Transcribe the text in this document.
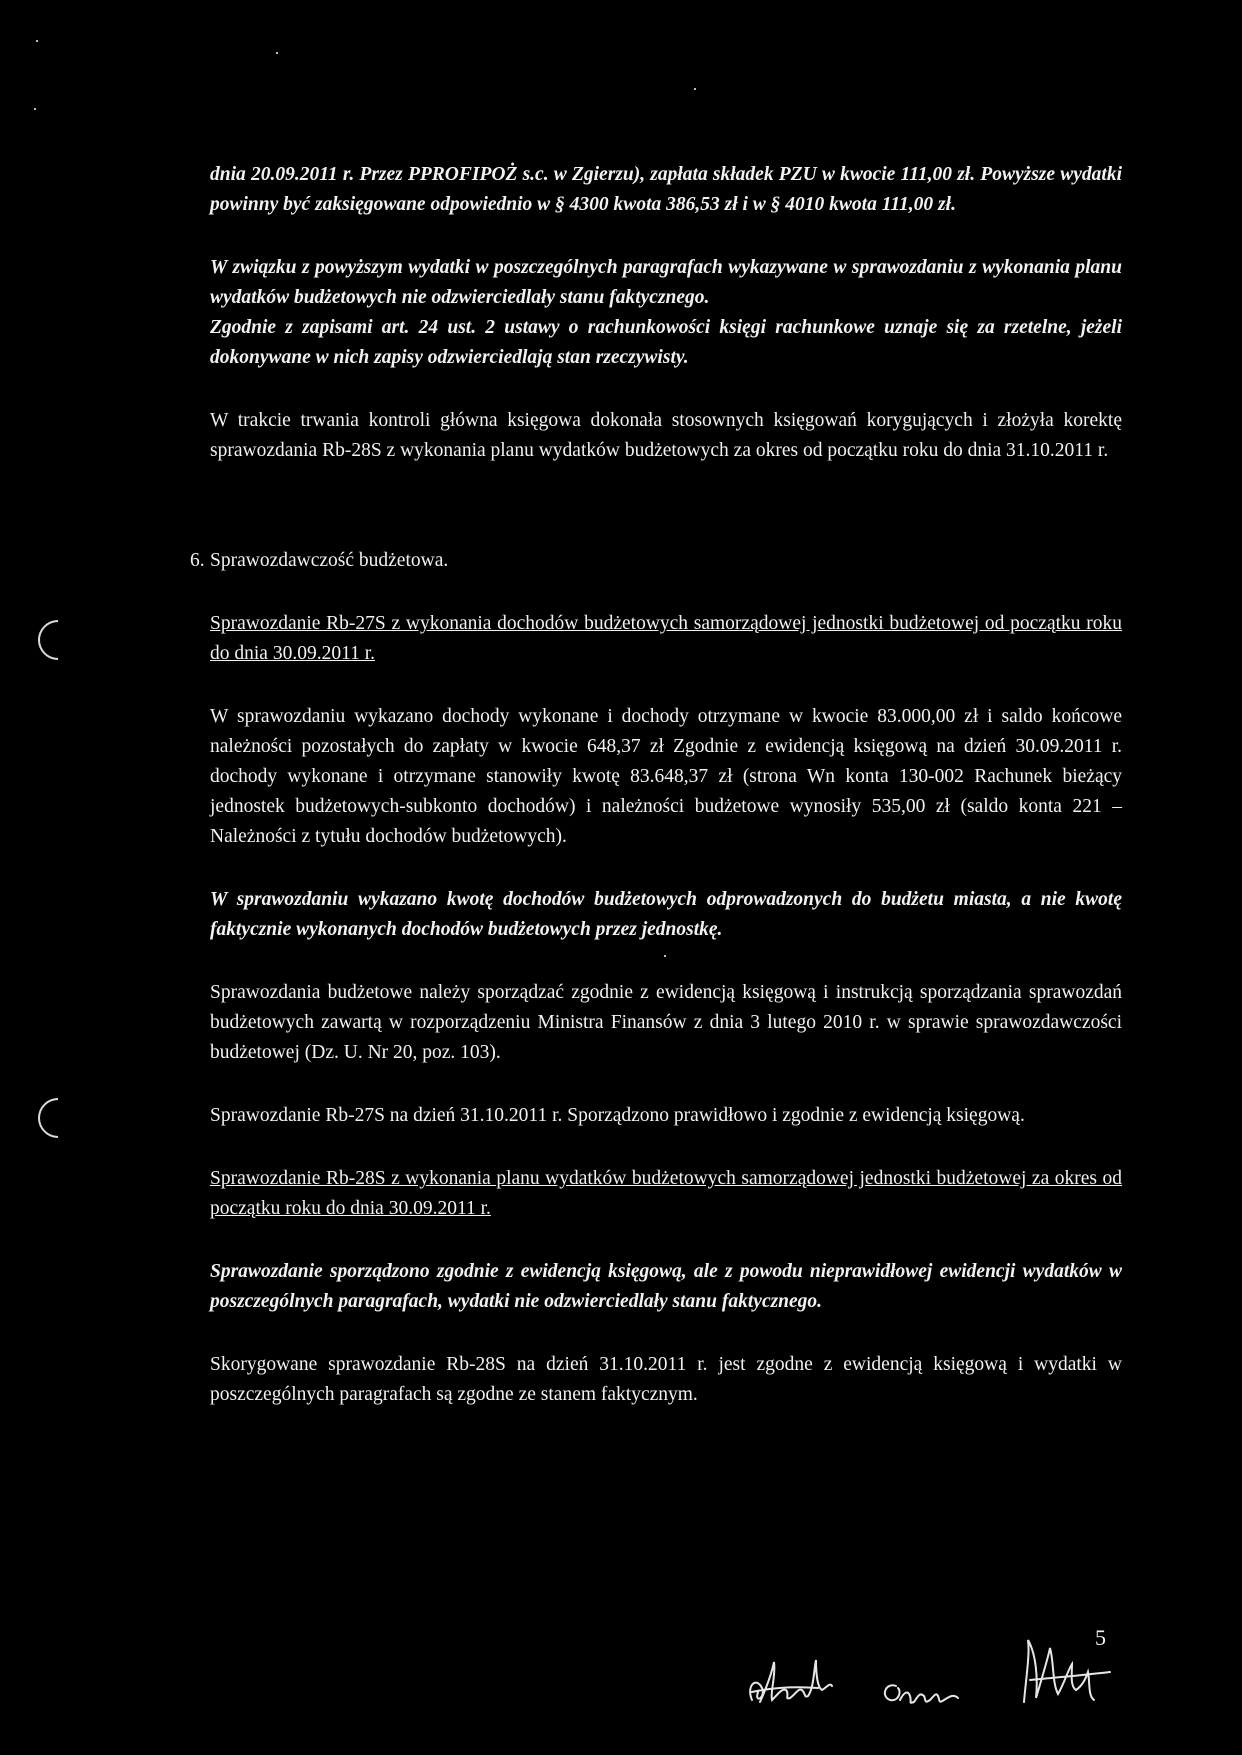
dnia 20.09.2011 r. Przez PPROFIPOŻ s.c. w Zgierzu), zapłata składek PZU w kwocie 111,00 zł. Powyższe wydatki powinny być zaksięgowane odpowiednio w § 4300 kwota 386,53 zł i w § 4010 kwota 111,00 zł.

W związku z powyższym wydatki w poszczególnych paragrafach wykazywane w sprawozdaniu z wykonania planu wydatków budżetowych nie odzwierciedlały stanu faktycznego.

Zgodnie z zapisami art. 24 ust. 2 ustawy o rachunkowości księgi rachunkowe uznaje się za rzetelne, jeżeli dokonywane w nich zapisy odzwierciedlają stan rzeczywisty.

W trakcie trwania kontroli główna księgowa dokonała stosownych księgowań korygujących i złożyła korektę sprawozdania Rb-28S z wykonania planu wydatków budżetowych za okres od początku roku do dnia 31.10.2011 r.

6. Sprawozdawczość budżetowa.

Sprawozdanie Rb-27S z wykonania dochodów budżetowych samorządowej jednostki budżetowej od początku roku do dnia 30.09.2011 r.

W sprawozdaniu wykazano dochody wykonane i dochody otrzymane w kwocie 83.000,00 zł i saldo końcowe należności pozostałych do zapłaty w kwocie 648,37 zł Zgodnie z ewidencją księgową na dzień 30.09.2011 r. dochody wykonane i otrzymane stanowiły kwotę 83.648,37 zł (strona Wn konta 130-002 Rachunek bieżący jednostek budżetowych-subkonto dochodów) i należności budżetowe wynosiły 535,00 zł (saldo konta 221 – Należności z tytułu dochodów budżetowych).

W sprawozdaniu wykazano kwotę dochodów budżetowych odprowadzonych do budżetu miasta, a nie kwotę faktycznie wykonanych dochodów budżetowych przez jednostkę.

Sprawozdania budżetowe należy sporządzać zgodnie z ewidencją księgową i instrukcją sporządzania sprawozdań budżetowych zawartą w rozporządzeniu Ministra Finansów z dnia 3 lutego 2010 r. w sprawie sprawozdawczości budżetowej (Dz. U. Nr 20, poz. 103).

Sprawozdanie Rb-27S na dzień 31.10.2011 r. Sporządzono prawidłowo i zgodnie z ewidencją księgową.

Sprawozdanie Rb-28S z wykonania planu wydatków budżetowych samorządowej jednostki budżetowej za okres od początku roku do dnia 30.09.2011 r.

Sprawozdanie sporządzono zgodnie z ewidencją księgową, ale z powodu nieprawidłowej ewidencji wydatków w poszczególnych paragrafach, wydatki nie odzwierciedlały stanu faktycznego.

Skorygowane sprawozdanie Rb-28S na dzień 31.10.2011 r. jest zgodne z ewidencją księgową i wydatki w poszczególnych paragrafach są zgodne ze stanem faktycznym.

5
